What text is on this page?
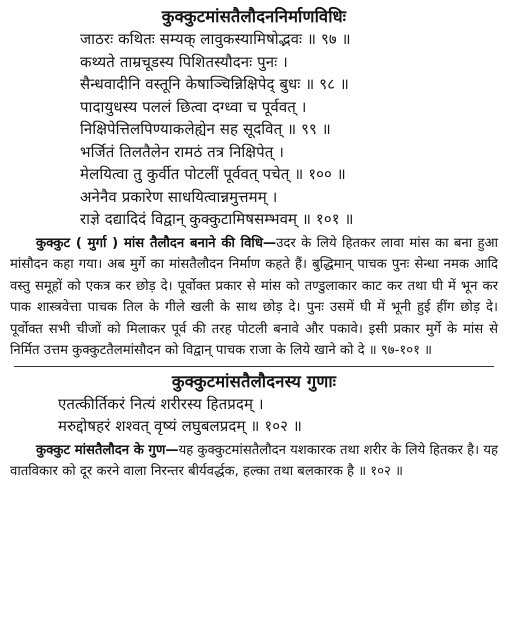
कुक्कुटमांसतैलौदननिर्माणविधिः
जाठरः कथितः सम्यक् लावुकस्यामिषोद्भवः ॥ ९७ ॥
कथ्यते ताम्रचूडस्य पिशितस्यौदनः पुनः ।
सैन्धवादीनि वस्तूनि केषाञ्चिन्निक्षिपेद् बुधः ॥ ९८ ॥
पादायुधस्य पललं छित्वा दग्ध्वा च पूर्ववत् ।
निक्षिपेत्तिलपिण्याकलेह्येन सह सूदवित् ॥ ९९ ॥
भर्जितं तिलतैलेन रामठं तत्र निक्षिपेत् ।
मेलयित्वा तु कुर्वीत पोटलीं पूर्ववत् पचेत् ॥ १०० ॥
अनेनैव प्रकारेण साधयित्वान्नमुत्तमम् ।
राज्ञे दद्यादिदं विद्वान् कुक्कुटामिषसम्भवम् ॥ १०१ ॥

कुक्कुट ( मुर्गा ) मांस तैलौदन बनाने की विधि—उदर के लिये हितकर लावा मांस का बना हुआ मांसौदन कहा गया। अब मुर्गे का मांसतैलौदन निर्माण कहते हैं। बुद्धिमान् पाचक पुनः सेन्धा नमक आदि वस्तु समूहों को एकत्र कर छोड़ दे। पूर्वोक्त प्रकार से मांस को तण्डुलाकार काट कर तथा घी में भून कर पाक शास्त्रवेत्ता पाचक तिल के गीले खली के साथ छोड़ दे। पुनः उसमें घी में भूनी हुई हींग छोड़ दे। पूर्वोक्त सभी चीजों को मिलाकर पूर्व की तरह पोटली बनावे और पकावे। इसी प्रकार मुर्गे के मांस से निर्मित उत्तम कुक्कुटतैलमांसौदन को विद्वान् पाचक राजा के लिये खाने को दे ॥ ९७-१०१ ॥

कुक्कुटमांसतैलौदनस्य गुणाः
एतत्कीर्तिकरं नित्यं शरीरस्य हितप्रदम् ।
मरुद्दोषहरं शश्वत् वृष्यं लघुबलप्रदम् ॥ १०२ ॥

कुक्कुट मांसतैलौदन के गुण—यह कुक्कुटमांसतैलौदन यशकारक तथा शरीर के लिये हितकर है। यह वातविकार को दूर करने वाला निरन्तर बीर्यवर्द्धक, हल्का तथा बलकारक है ॥ १०२ ॥
